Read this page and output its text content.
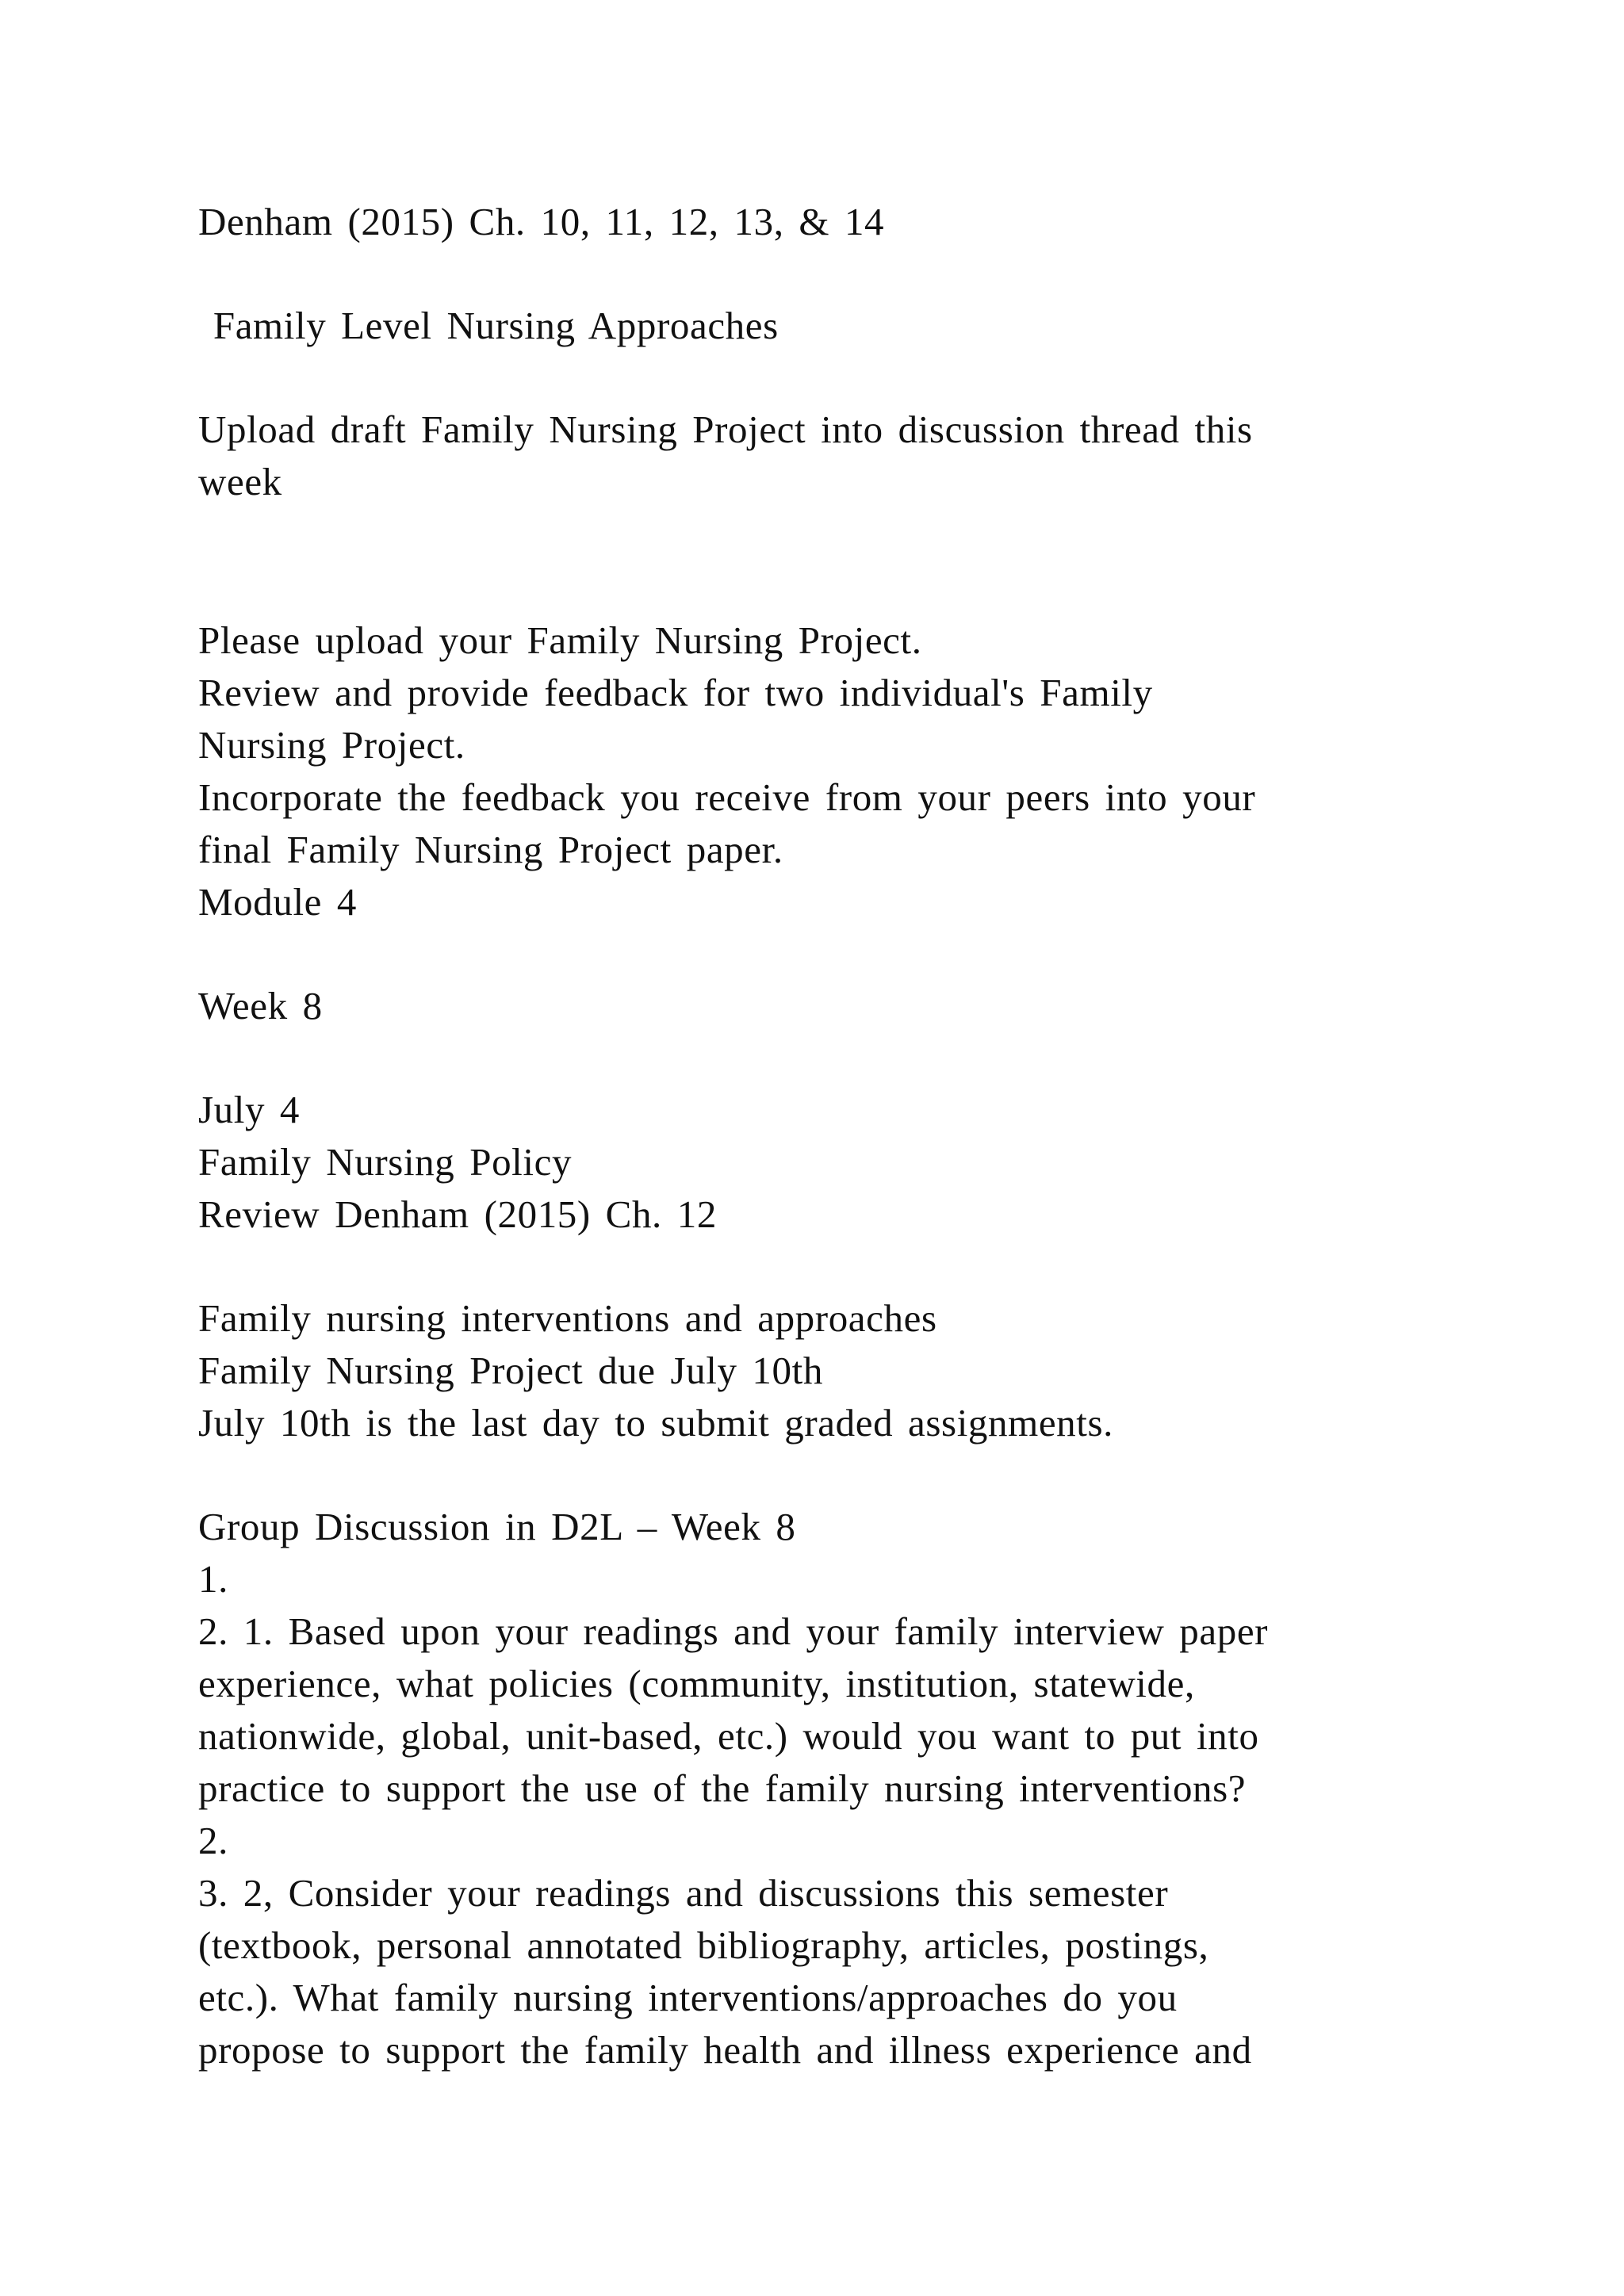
Denham (2015) Ch. 10, 11, 12, 13, & 14

Family Level Nursing Approaches

Upload draft Family Nursing Project into discussion thread this

week

Please upload your Family Nursing Project.

Review and provide feedback for two individual's Family

Nursing Project.

Incorporate the feedback you receive from your peers into your

final Family Nursing Project paper.

Module 4

Week 8

July 4

Family Nursing Policy

Review Denham (2015) Ch. 12

Family nursing interventions and approaches

Family Nursing Project due July 10th

July 10th is the last day to submit graded assignments.

Group Discussion in D2L – Week 8

1.

2. 1. Based upon your readings and your family interview paper

experience, what policies (community, institution, statewide,

nationwide, global, unit-based, etc.) would you want to put into

practice to support the use of the family nursing interventions?

2.

3. 2, Consider your readings and discussions this semester

(textbook, personal annotated bibliography, articles, postings,

etc.). What family nursing interventions/approaches do you

propose to support the family health and illness experience and
